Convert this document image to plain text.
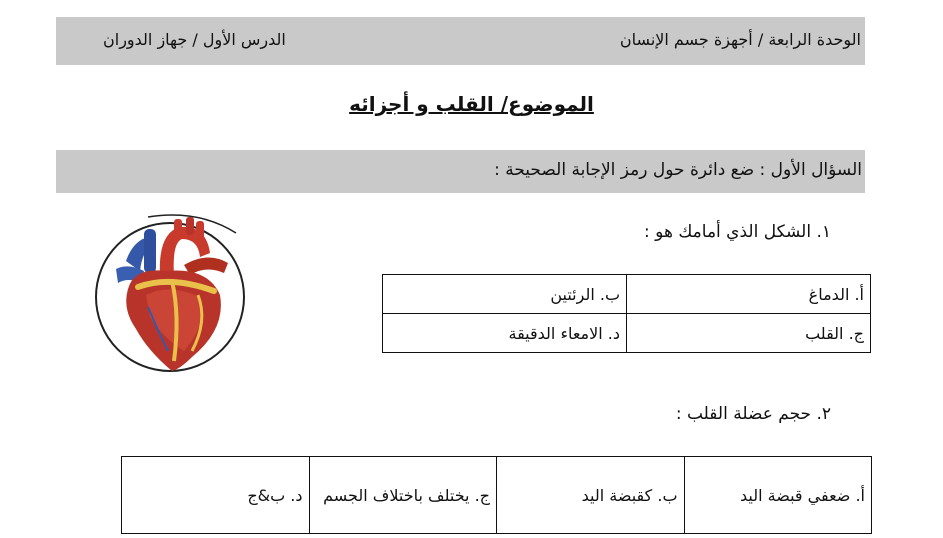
الوحدة الرابعة / أجهزة جسم الإنسان
الدرس الأول / جهاز الدوران
الموضوع/ القلب و أجزائه
السؤال الأول : ضع دائرة حول رمز الإجابة الصحيحة :
١. الشكل الذي أمامك هو :
أ. الدماغ	ب. الرئتين
ج. القلب	د. الامعاء الدقيقة
٢. حجم عضلة القلب :
أ. ضعفي قبضة اليد	ب. كقبضة اليد	ج. يختلف باختلاف الجسم	د. ب&ج
